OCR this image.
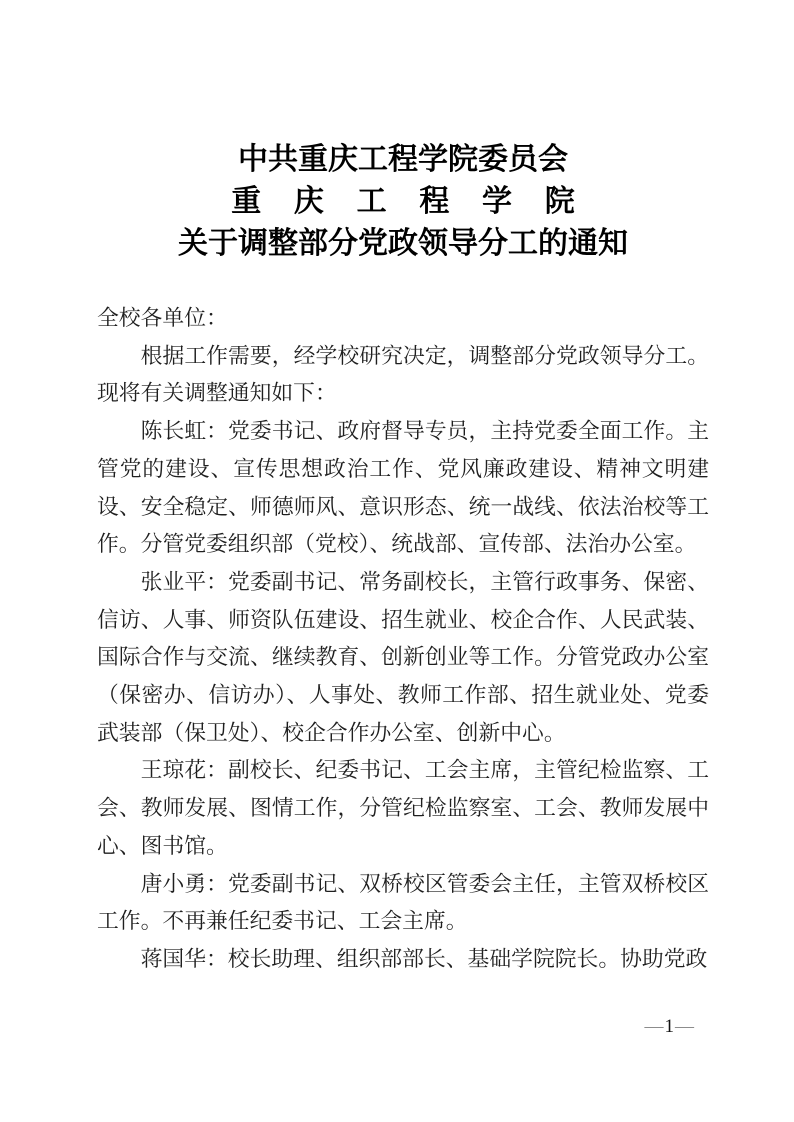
中共重庆工程学院委员会
重庆工程学院
关于调整部分党政领导分工的通知

全校各单位：

根据工作需要，经学校研究决定，调整部分党政领导分工。现将有关调整通知如下：

陈长虹：党委书记、政府督导专员，主持党委全面工作。主管党的建设、宣传思想政治工作、党风廉政建设、精神文明建设、安全稳定、师德师风、意识形态、统一战线、依法治校等工作。分管党委组织部（党校）、统战部、宣传部、法治办公室。

张业平：党委副书记、常务副校长，主管行政事务、保密、信访、人事、师资队伍建设、招生就业、校企合作、人民武装、国际合作与交流、继续教育、创新创业等工作。分管党政办公室（保密办、信访办）、人事处、教师工作部、招生就业处、党委武装部（保卫处）、校企合作办公室、创新中心。

王琼花：副校长、纪委书记、工会主席，主管纪检监察、工会、教师发展、图情工作，分管纪检监察室、工会、教师发展中心、图书馆。

唐小勇：党委副书记、双桥校区管委会主任，主管双桥校区工作。不再兼任纪委书记、工会主席。

蒋国华：校长助理、组织部部长、基础学院院长。协助党政

—1—
